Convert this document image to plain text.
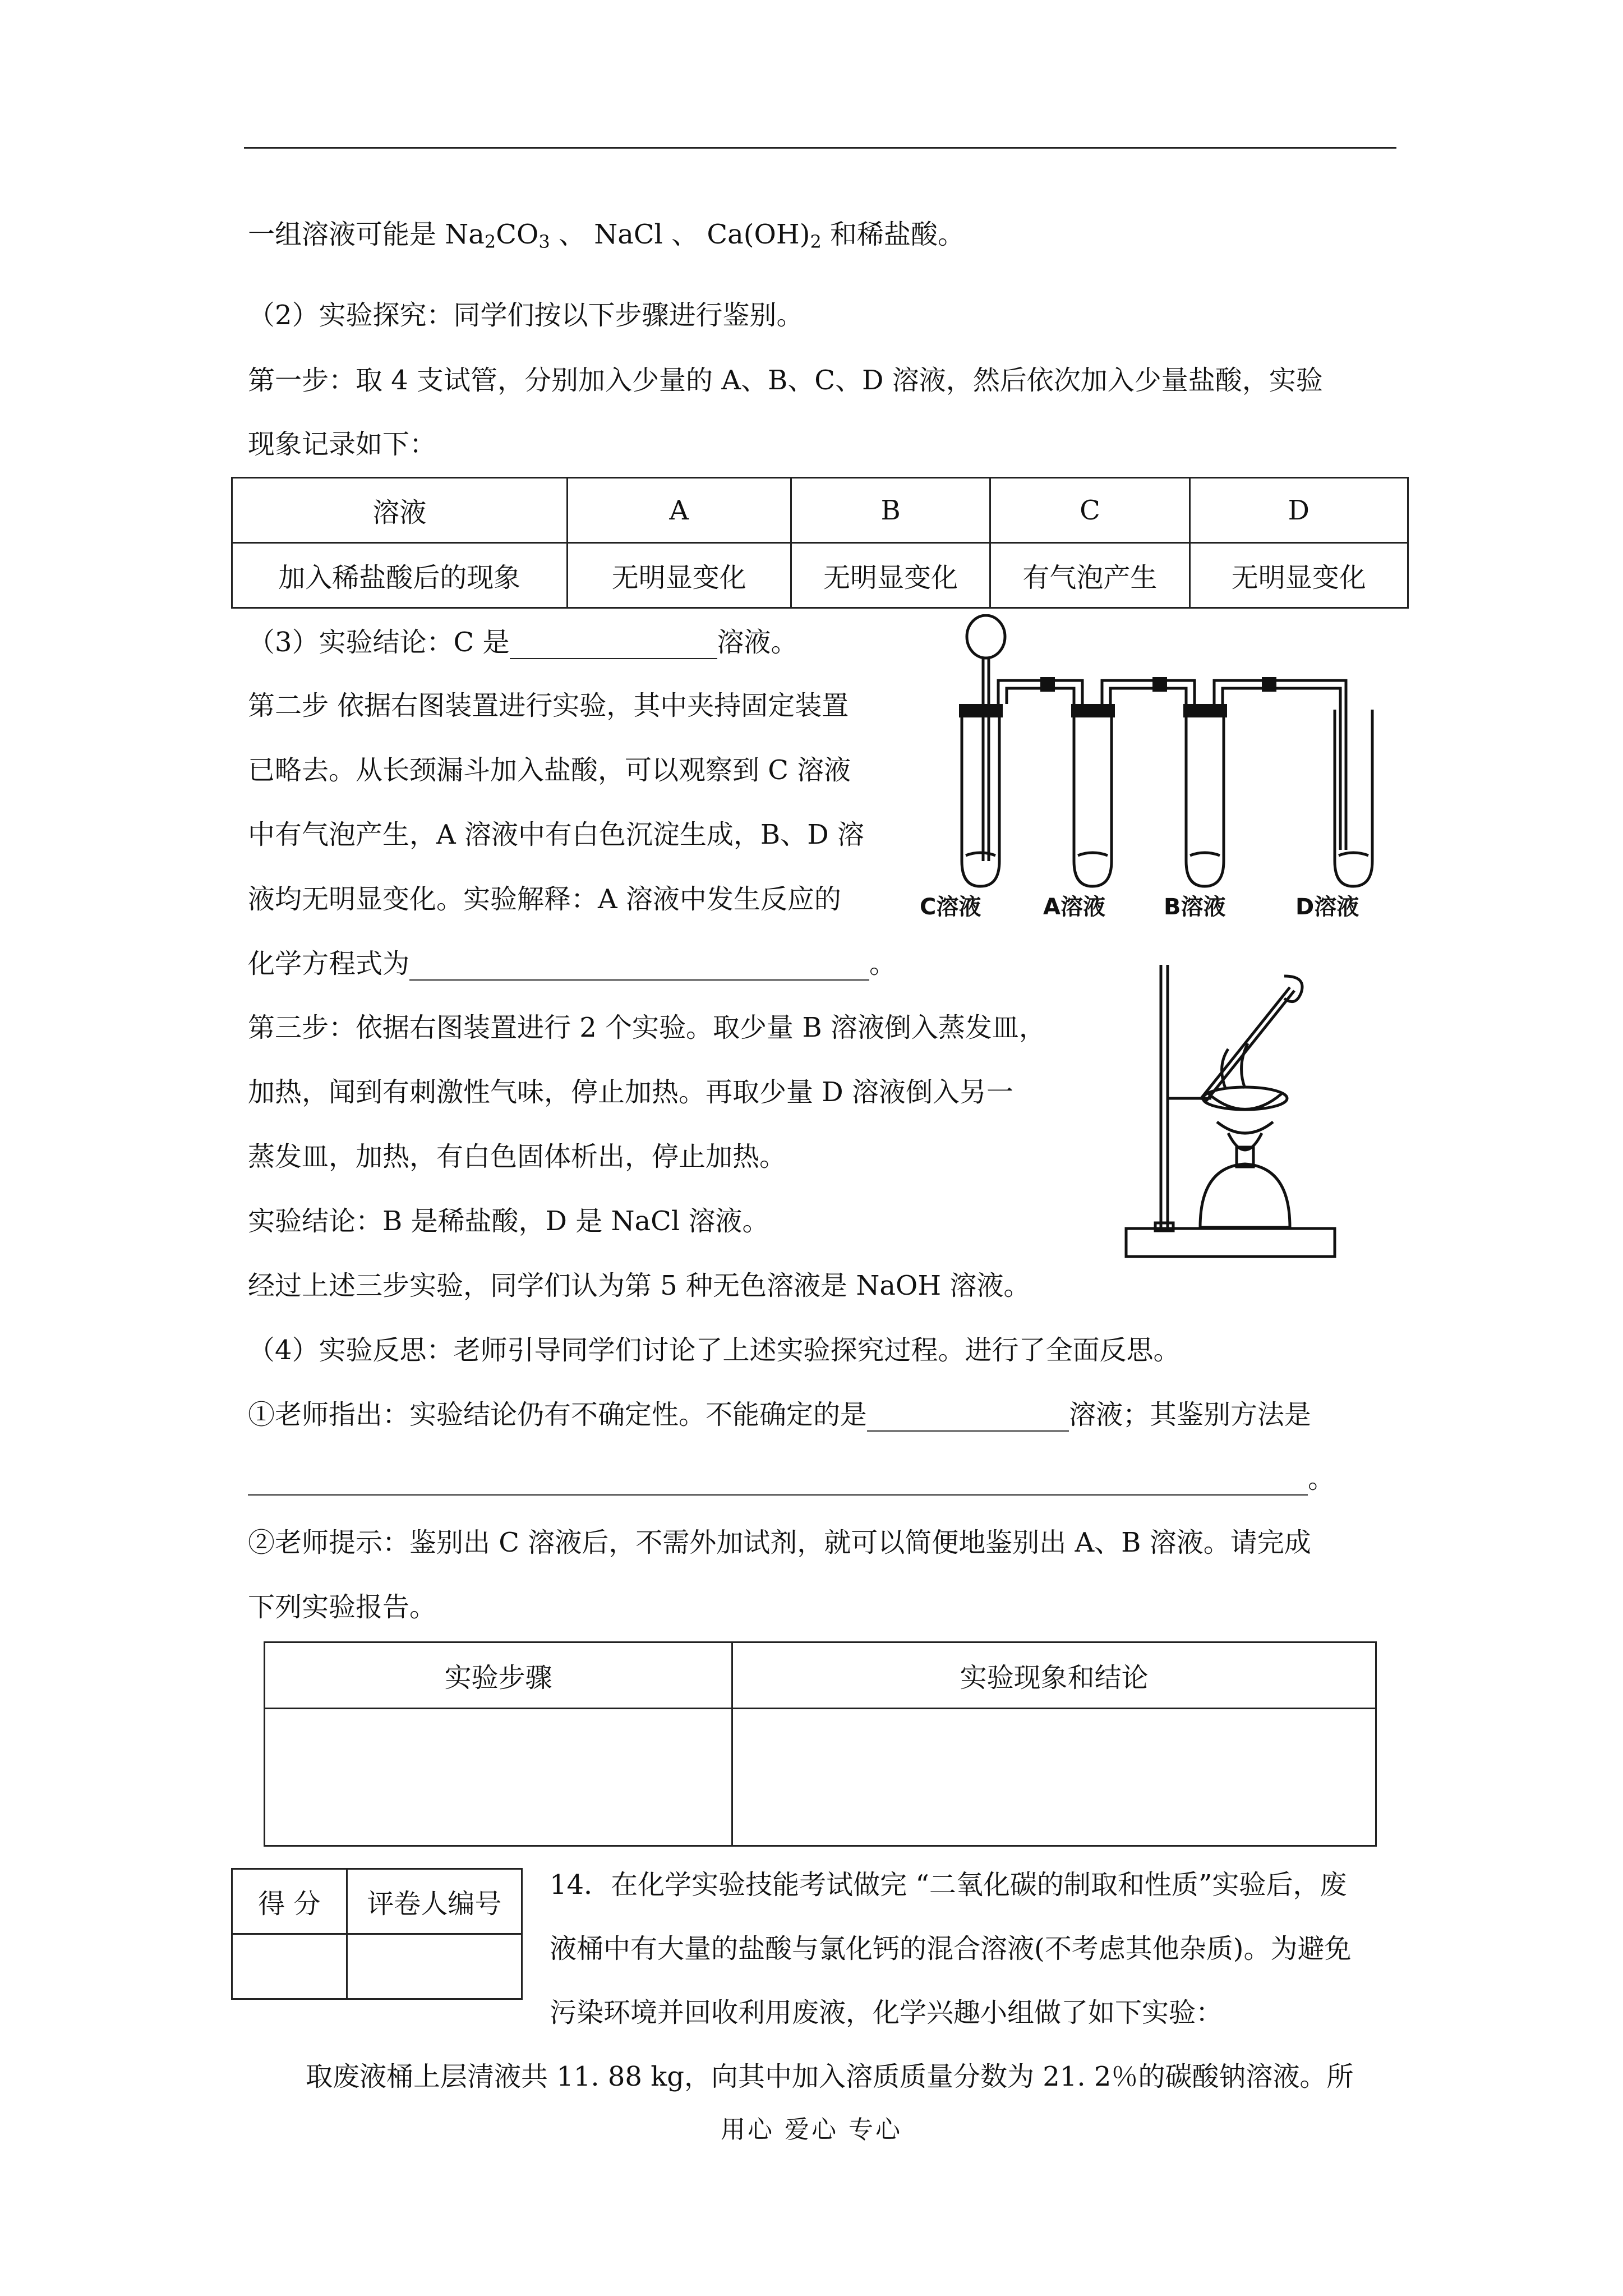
一组溶液可能是 $Na_2CO_3$ 、 NaCl 、 $Ca(OH)_2$ 和稀盐酸。
（2）实验探究：同学们按以下步骤进行鉴别。
第一步：取 4 支试管，分别加入少量的 A、B、C、D 溶液，然后依次加入少量盐酸，实验
现象记录如下：
溶液	A	B	C	D
加入稀盐酸后的现象	无明显变化	无明显变化	有气泡产生	无明显变化
（3）实验结论：C 是	溶液。
第二步 依据右图装置进行实验，其中夹持固定装置
已略去。从长颈漏斗加入盐酸，可以观察到 C 溶液
中有气泡产生，A 溶液中有白色沉淀生成，B、D 溶
液均无明显变化。实验解释：A 溶液中发生反应的
化学方程式为	。
C溶液	A溶液	B溶液	D溶液
第三步：依据右图装置进行 2 个实验。取少量 B 溶液倒入蒸发皿，
加热，闻到有刺激性气味，停止加热。再取少量 D 溶液倒入另一
蒸发皿，加热，有白色固体析出，停止加热。
实验结论：B 是稀盐酸，D 是 NaCl 溶液。
经过上述三步实验，同学们认为第 5 种无色溶液是 NaOH 溶液。
（4）实验反思：老师引导同学们讨论了上述实验探究过程。进行了全面反思。
①老师指出：实验结论仍有不确定性。不能确定的是	溶液；其鉴别方法是
。
②老师提示：鉴别出 C 溶液后，不需外加试剂，就可以简便地鉴别出 A、B 溶液。请完成
下列实验报告。
实验步骤	实验现象和结论

得 分	评卷人编号

14．在化学实验技能考试做完 “二氧化碳的制取和性质”实验后，废
液桶中有大量的盐酸与氯化钙的混合溶液(不考虑其他杂质)。为避免
污染环境并回收利用废液，化学兴趣小组做了如下实验：
取废液桶上层清液共 11. 88 kg，向其中加入溶质质量分数为 21. 2％的碳酸钠溶液。所
用心 爱心 专心
